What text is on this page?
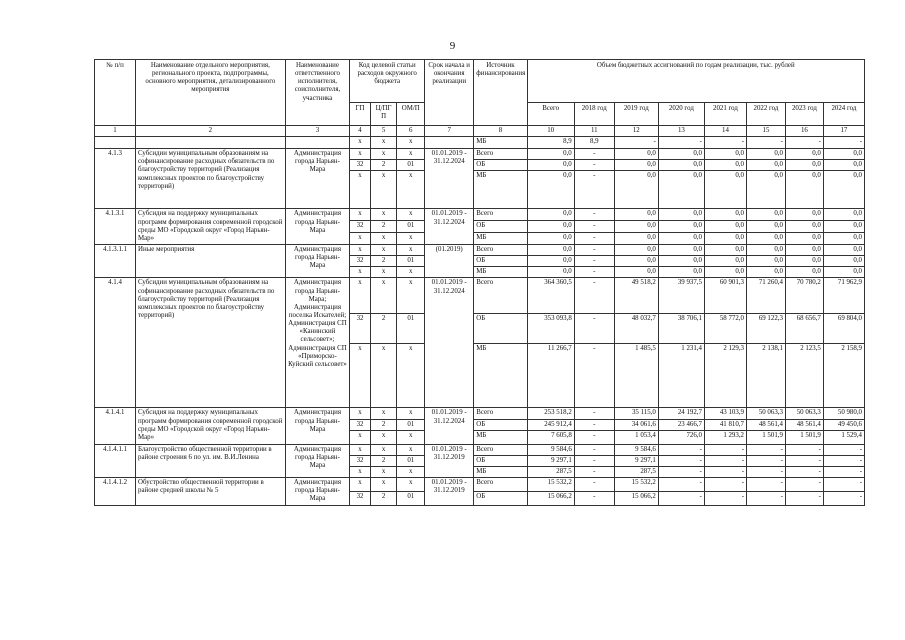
9
№ п/п	Наименование отдельного мероприятия, регионального проекта, подпрограммы, основного мероприятия, детализированного мероприятия	Наименование ответственного исполнителя, соисполнителя, участника	Код целевой статьи расходов окружного бюджета			Срок начала и окончания реализации	Источник финансирования	Объем бюджетных ассигнований по годам реализации, тыс. рублей							
			ГП	Ц/ПГ П	ОМ/П			Всего	2018 год	2019 год	2020 год	2021 год	2022 год	2023 год	2024 год
1	2	3	4	5	6	7	8	10	11	12	13	14	15	16	17
			х	х	х		МБ	8,9	8,9	-	-	-	-	-	-
4.1.3	Субсидии муниципальным образованиям на софинансирование расходных обязательств по благоустройству территорий (Реализация комплексных проектов по благоустройству территорий)	Администрация города Нарьян-Мара	х	х	х	01.01.2019 - 31.12.2024	Всего	0,0	-	0,0	0,0	0,0	0,0	0,0	0,0
			32	2	01		ОБ	0,0	-	0,0	0,0	0,0	0,0	0,0	0,0
			х	х	х		МБ	0,0	-	0,0	0,0	0,0	0,0	0,0	0,0
4.1.3.1	Субсидия на поддержку муниципальных программ формирования современной городской среды МО «Городской округ «Город Нарьян-Мар»	Администрация города Нарьян-Мара	х	х	х	01.01.2019 - 31.12.2024	Всего	0,0	-	0,0	0,0	0,0	0,0	0,0	0,0
			32	2	01		ОБ	0,0	-	0,0	0,0	0,0	0,0	0,0	0,0
			х	х	х		МБ	0,0	-	0,0	0,0	0,0	0,0	0,0	0,0
4.1.3.1.1	Иные мероприятия	Администрация города Нарьян-Мара	х	х	х	(01.2019)	Всего	0,0	-	0,0	0,0	0,0	0,0	0,0	0,0
			32	2	01		ОБ	0,0	-	0,0	0,0	0,0	0,0	0,0	0,0
			х	х	х		МБ	0,0	-	0,0	0,0	0,0	0,0	0,0	0,0
4.1.4	Субсидии муниципальным образованиям на софинансирование расходных обязательств по благоустройству территорий (Реализация комплексных проектов по благоустройству территорий)	Администрация города Нарьян-Мара; Администрация поселка Искателей; Администрация СП «Канинский сельсовет»; Администрация СП «Приморско-Куйский сельсовет»	х	х	х	01.01.2019 - 31.12.2024	Всего	364 360,5	-	49 518,2	39 937,5	60 901,3	71 260,4	70 780,2	71 962,9
			32	2	01		ОБ	353 093,8	-	48 032,7	38 706,1	58 772,0	69 122,3	68 656,7	69 804,0
			х	х	х		МБ	11 266,7	-	1 485,5	1 231,4	2 129,3	2 138,1	2 123,5	2 158,9
4.1.4.1	Субсидия на поддержку муниципальных программ формирования современной городской среды МО «Городской округ «Город Нарьян-Мар»	Администрация города Нарьян-Мара	х	х	х	01.01.2019 - 31.12.2024	Всего	253 518,2	-	35 115,0	24 192,7	43 103,9	50 063,3	50 063,3	50 980,0
			32	2	01		ОБ	245 912,4	-	34 061,6	23 466,7	41 810,7	48 561,4	48 561,4	49 450,6
			х	х	х		МБ	7 605,8	-	1 053,4	726,0	1 293,2	1 501,9	1 501,9	1 529,4
4.1.4.1.1	Благоустройство общественной территории в районе строения 6 по ул. им. В.И.Ленина	Администрация города Нарьян-Мара	х	х	х	01.01.2019 - 31.12.2019	Всего	9 584,6	-	9 584,6	-	-	-	-	-
			32	2	01		ОБ	9 297,1	-	9 297,1	-	-	-	-	-
			х	х	х		МБ	287,5	-	287,5	-	-	-	-	-
4.1.4.1.2	Обустройство общественной территории в районе средней школы № 5	Администрация города Нарьян-Мара	х	х	х	01.01.2019 - 31.12.2019	Всего	15 532,2	-	15 532,2	-	-	-	-	-
			32	2	01		ОБ	15 066,2	-	15 066,2	-	-	-	-	-
